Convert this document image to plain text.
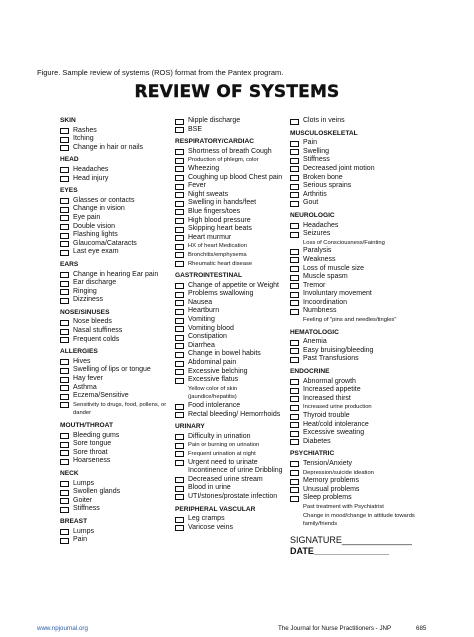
Figure. Sample review of systems (ROS) format from the Pantex program.
REVIEW OF SYSTEMS
SKIN
Rashes
Itching
Change in hair or nails
HEAD
Headaches
Head injury
EYES
Glasses or contacts
Change in vision
Eye pain
Double vision
Flashing lights
Glaucoma/Cataracts
Last eye exam
EARS
Change in hearing Ear pain
Ear discharge
Ringing
Dizziness
NOSE/SINUSES
Nose bleeds
Nasal stuffiness
Frequent colds
ALLERGIES
Hives
Swelling of lips or tongue
Hay fever
Asthma
Eczema/Sensitive
Sensitivity to drugs, food, pollens, or dander
MOUTH/THROAT
Bleeding gums
Sore tongue
Sore throat
Hoarseness
NECK
Lumps
Swollen glands
Goiter
Stiffness
BREAST
Lumps
Pain
Nipple discharge
BSE
RESPIRATORY/CARDIAC
Shortness of breath Cough
Production of phlegm, color
Wheezing
Coughing up blood Chest pain
Fever
Night sweats
Swelling in hands/feet
Blue fingers/toes
High blood pressure
Skipping heart beats
Heart murmur
HX of heart Medication
Bronchitis/emphysema
Rheumatic heart disease
GASTROINTESTINAL
Change of appetite or Weight
Problems swallowing
Nausea
Heartburn
Vomiting
Vomiting blood
Constipation
Diarrhea
Change in bowel habits
Abdominal pain
Excessive belching
Excessive flatus
Yellow color of skin (jaundice/hepatitis)
Food intolerance
Rectal bleeding/ Hemorrhoids
URINARY
Difficulty in urination
Pain or burning on urination
Frequent urination at night
Urgent need to urinate Incontinence of urine Dribbling
Decreased urine stream
Blood in urine
UTI/stones/prostate infection
PERIPHERAL VASCULAR
Leg cramps
Varicose veins
Clots in veins
MUSCULOSKELETAL
Pain
Swelling
Stiffness
Decreased joint motion
Broken bone
Serious sprains
Arthritis
Gout
NEUROLOGIC
Headaches
Seizures
Loss of Consciousness/Fainting
Paralysis
Weakness
Loss of muscle size
Muscle spasm
Tremor
Involuntary movement
Incoordination
Numbness
Feeling of "pins and needles/tingles"
HEMATOLOGIC
Anemia
Easy bruising/bleeding
Past Transfusions
ENDOCRINE
Abnormal growth
Increased appetite
Increased thirst
Increased urine production
Thyroid trouble
Heat/cold intolerance
Excessive sweating
Diabetes
PSYCHIATRIC
Tension/Anxiety
Depression/suicide ideation
Memory problems
Unusual problems
Sleep problems
Past treatment with Psychiatrist
Change in mood/change in attitude towards family/friends
SIGNATURE______________
DATE_______________
www.npjournal.org	The Journal for Nurse Practitioners - JNP	685
